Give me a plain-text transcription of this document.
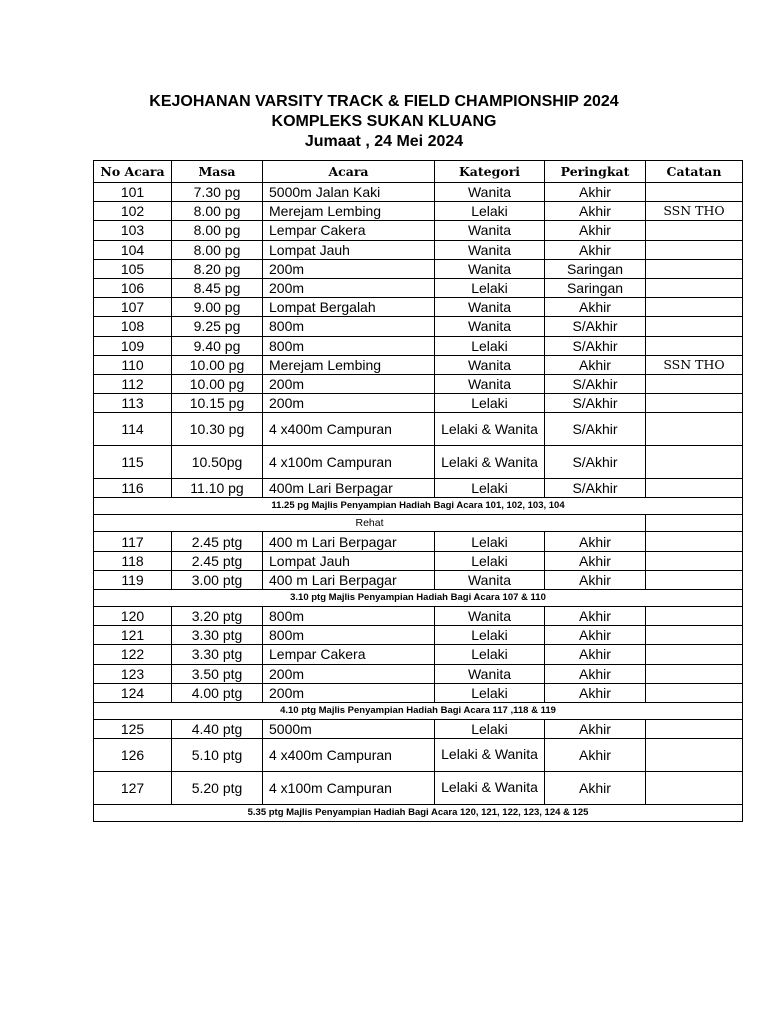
KEJOHANAN VARSITY TRACK & FIELD CHAMPIONSHIP 2024
KOMPLEKS SUKAN KLUANG
Jumaat , 24 Mei 2024
No Acara	Masa	Acara	Kategori	Peringkat	Catatan
101	7.30 pg	5000m Jalan Kaki	Wanita	Akhir	
102	8.00 pg	Merejam Lembing	Lelaki	Akhir	SSN THO
103	8.00 pg	Lempar Cakera	Wanita	Akhir	
104	8.00 pg	Lompat Jauh	Wanita	Akhir	
105	8.20 pg	200m	Wanita	Saringan	
106	8.45 pg	200m	Lelaki	Saringan	
107	9.00 pg	Lompat Bergalah	Wanita	Akhir	
108	9.25 pg	800m	Wanita	S/Akhir	
109	9.40 pg	800m	Lelaki	S/Akhir	
110	10.00 pg	Merejam Lembing	Wanita	Akhir	SSN THO
112	10.00 pg	200m	Wanita	S/Akhir	
113	10.15 pg	200m	Lelaki	S/Akhir	
114	10.30 pg	4 x400m Campuran	Lelaki & Wanita	S/Akhir	
115	10.50pg	4 x100m Campuran	Lelaki & Wanita	S/Akhir	
116	11.10 pg	400m Lari Berpagar	Lelaki	S/Akhir	
11.25 pg Majlis Penyampian Hadiah Bagi Acara 101, 102, 103, 104					
Rehat					
117	2.45 ptg	400 m Lari Berpagar	Lelaki	Akhir	
118	2.45 ptg	Lompat Jauh	Lelaki	Akhir	
119	3.00 ptg	400 m Lari Berpagar	Wanita	Akhir	
3.10 ptg Majlis Penyampian Hadiah Bagi Acara 107 & 110					
120	3.20 ptg	800m	Wanita	Akhir	
121	3.30 ptg	800m	Lelaki	Akhir	
122	3.30 ptg	Lempar Cakera	Lelaki	Akhir	
123	3.50 ptg	200m	Wanita	Akhir	
124	4.00 ptg	200m	Lelaki	Akhir	
4.10 ptg Majlis Penyampian Hadiah Bagi Acara 117 ,118 & 119					
125	4.40 ptg	5000m	Lelaki	Akhir	
126	5.10 ptg	4 x400m Campuran	Lelaki & Wanita	Akhir	
127	5.20 ptg	4 x100m Campuran	Lelaki & Wanita	Akhir	
5.35 ptg Majlis Penyampian Hadiah Bagi Acara 120, 121, 122, 123, 124 & 125					
